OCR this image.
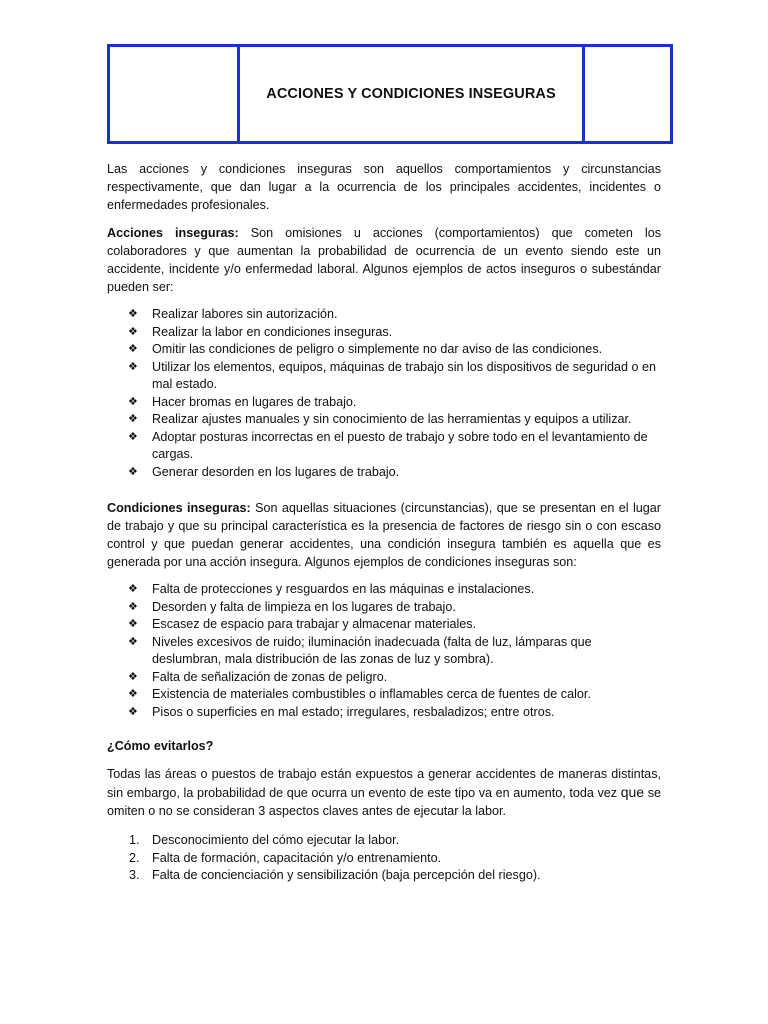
ACCIONES Y CONDICIONES INSEGURAS

Las acciones y condiciones inseguras son aquellos comportamientos y circunstancias respectivamente, que dan lugar a la ocurrencia de los principales accidentes, incidentes o enfermedades profesionales.

Acciones inseguras: Son omisiones u acciones (comportamientos) que cometen los colaboradores y que aumentan la probabilidad de ocurrencia de un evento siendo este un accidente, incidente y/o enfermedad laboral. Algunos ejemplos de actos inseguros o subestándar pueden ser:

❖ Realizar labores sin autorización.
❖ Realizar la labor en condiciones inseguras.
❖ Omitir las condiciones de peligro o simplemente no dar aviso de las condiciones.
❖ Utilizar los elementos, equipos, máquinas de trabajo sin los dispositivos de seguridad o en mal estado.
❖ Hacer bromas en lugares de trabajo.
❖ Realizar ajustes manuales y sin conocimiento de las herramientas y equipos a utilizar.
❖ Adoptar posturas incorrectas en el puesto de trabajo y sobre todo en el levantamiento de cargas.
❖ Generar desorden en los lugares de trabajo.

Condiciones inseguras: Son aquellas situaciones (circunstancias), que se presentan en el lugar de trabajo y que su principal característica es la presencia de factores de riesgo sin o con escaso control y que puedan generar accidentes, una condición insegura también es aquella que es generada por una acción insegura. Algunos ejemplos de condiciones inseguras son:

❖ Falta de protecciones y resguardos en las máquinas e instalaciones.
❖ Desorden y falta de limpieza en los lugares de trabajo.
❖ Escasez de espacio para trabajar y almacenar materiales.
❖ Niveles excesivos de ruido; iluminación inadecuada (falta de luz, lámparas que deslumbran, mala distribución de las zonas de luz y sombra).
❖ Falta de señalización de zonas de peligro.
❖ Existencia de materiales combustibles o inflamables cerca de fuentes de calor.
❖ Pisos o superficies en mal estado; irregulares, resbaladizos; entre otros.

¿Cómo evitarlos?

Todas las áreas o puestos de trabajo están expuestos a generar accidentes de maneras distintas, sin embargo, la probabilidad de que ocurra un evento de este tipo va en aumento, toda vez que se omiten o no se consideran 3 aspectos claves antes de ejecutar la labor.

1. Desconocimiento del cómo ejecutar la labor.
2. Falta de formación, capacitación y/o entrenamiento.
3. Falta de concienciación y sensibilización (baja percepción del riesgo).
